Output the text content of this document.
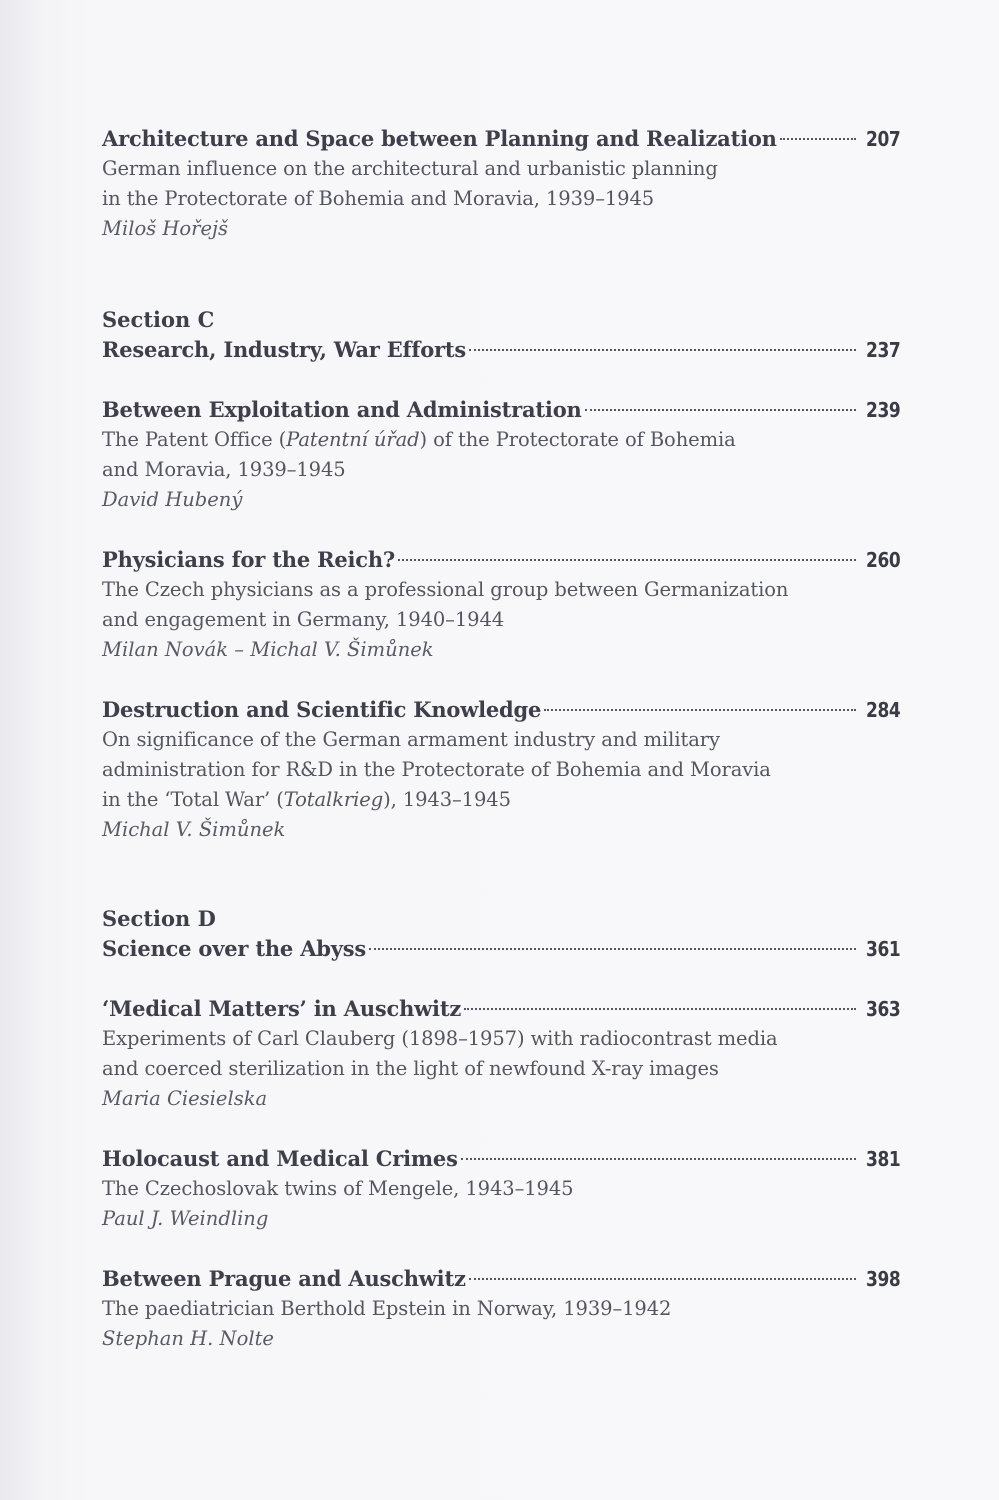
Architecture and Space between Planning and Realization	207
German influence on the architectural and urbanistic planning
in the Protectorate of Bohemia and Moravia, 1939–1945
Miloš Hořejš
Section C
Research, Industry, War Efforts	237
Between Exploitation and Administration	239
The Patent Office (Patentní úřad) of the Protectorate of Bohemia
and Moravia, 1939–1945
David Hubený
Physicians for the Reich?	260
The Czech physicians as a professional group between Germanization
and engagement in Germany, 1940–1944
Milan Novák – Michal V. Šimůnek
Destruction and Scientific Knowledge	284
On significance of the German armament industry and military
administration for R&D in the Protectorate of Bohemia and Moravia
in the ‘Total War’ (Totalkrieg), 1943–1945
Michal V. Šimůnek
Section D
Science over the Abyss	361
‘Medical Matters’ in Auschwitz	363
Experiments of Carl Clauberg (1898–1957) with radiocontrast media
and coerced sterilization in the light of newfound X-ray images
Maria Ciesielska
Holocaust and Medical Crimes	381
The Czechoslovak twins of Mengele, 1943–1945
Paul J. Weindling
Between Prague and Auschwitz	398
The paediatrician Berthold Epstein in Norway, 1939–1942
Stephan H. Nolte
